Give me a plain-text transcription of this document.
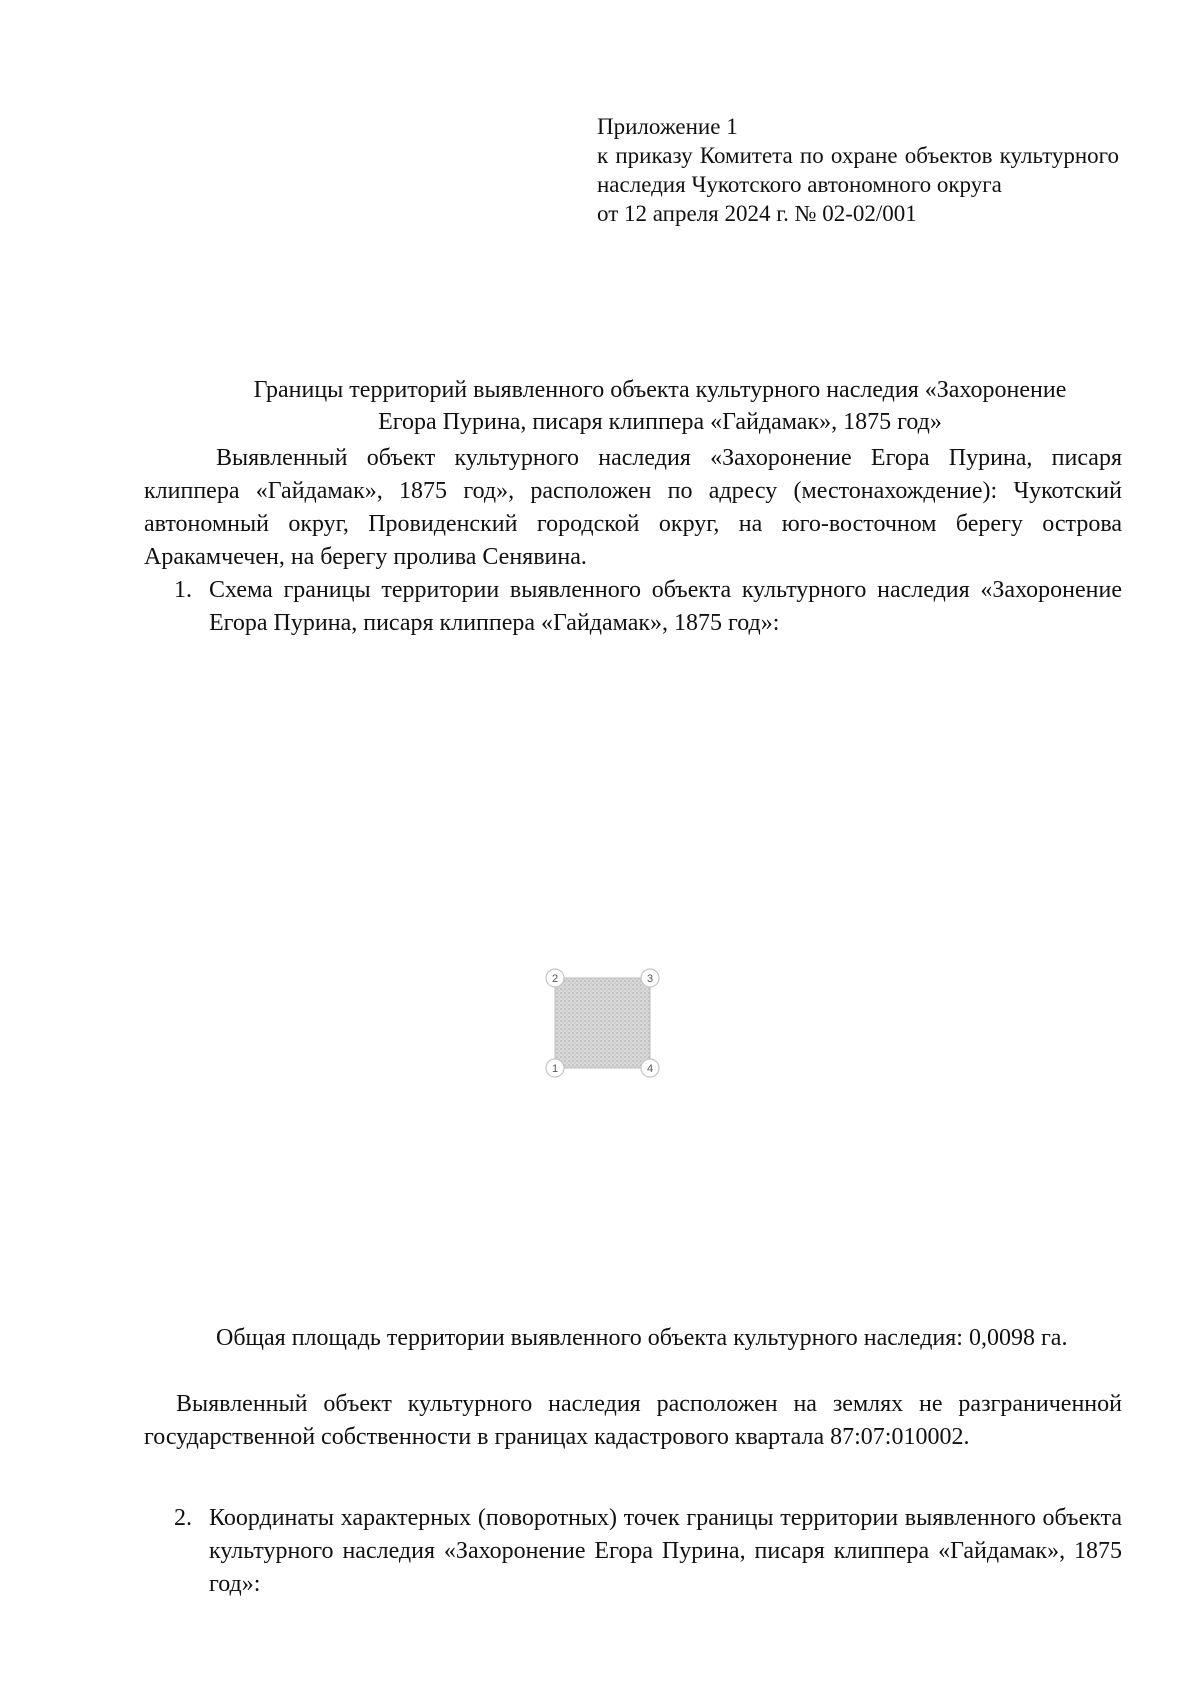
Приложение 1

к приказу Комитета по охране объектов культурного наследия Чукотского автономного округа

от 12 апреля 2024 г. № 02-02/001

Границы территорий выявленного объекта культурного наследия «Захоронение
Егора Пурина, писаря клиппера «Гайдамак», 1875 год»

Выявленный объект культурного наследия «Захоронение Егора Пурина, писаря клиппера «Гайдамак», 1875 год», расположен по адресу (местонахождение): Чукотский автономный округ, Провиденский городской округ, на юго-восточном берегу острова Аракамчечен, на берегу пролива Сенявина.

1. Схема границы территории выявленного объекта культурного наследия «Захоронение Егора Пурина, писаря клиппера «Гайдамак», 1875 год»:
1
2	3
4

Общая площадь территории выявленного объекта культурного наследия: 0,0098 га.

Выявленный объект культурного наследия расположен на землях не разграниченной государственной собственности в границах кадастрового квартала 87:07:010002.

2. Координаты характерных (поворотных) точек границы территории выявленного объекта культурного наследия «Захоронение Егора Пурина, писаря клиппера «Гайдамак», 1875 год»:
